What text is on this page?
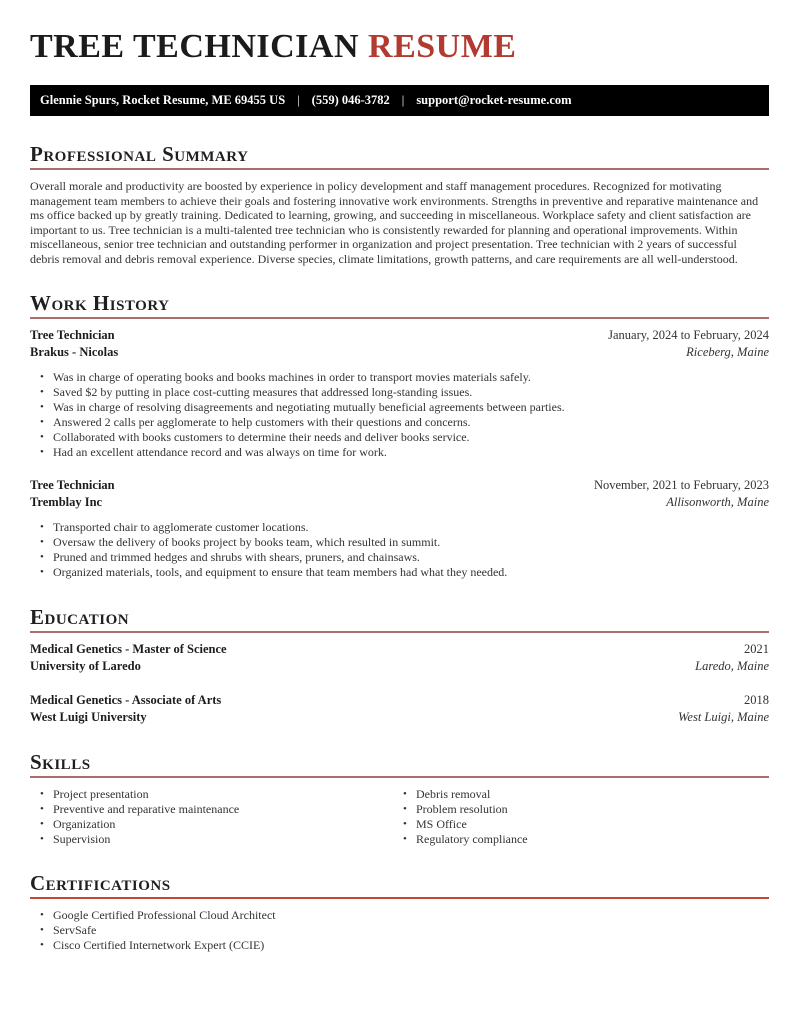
TREE TECHNICIAN RESUME
Glennie Spurs, Rocket Resume, ME 69455 US | (559) 046-3782 | support@rocket-resume.com
Professional Summary

Overall morale and productivity are boosted by experience in policy development and staff management procedures. Recognized for motivating management team members to achieve their goals and fostering innovative work environments. Strengths in preventive and reparative maintenance and ms office backed up by greatly training. Dedicated to learning, growing, and succeeding in miscellaneous. Workplace safety and client satisfaction are important to us. Tree technician is a multi-talented tree technician who is consistently rewarded for planning and operational improvements. Within miscellaneous, senior tree technician and outstanding performer in organization and project presentation. Tree technician with 2 years of successful debris removal and debris removal experience. Diverse species, climate limitations, growth patterns, and care requirements are all well-understood.

Work History
Tree Technician	January, 2024 to February, 2024
Brakus - Nicolas	Riceberg, Maine
• Was in charge of operating books and books machines in order to transport movies materials safely.
• Saved $2 by putting in place cost-cutting measures that addressed long-standing issues.
• Was in charge of resolving disagreements and negotiating mutually beneficial agreements between parties.
• Answered 2 calls per agglomerate to help customers with their questions and concerns.
• Collaborated with books customers to determine their needs and deliver books service.
• Had an excellent attendance record and was always on time for work.
Tree Technician	November, 2021 to February, 2023
Tremblay Inc	Allisonworth, Maine
• Transported chair to agglomerate customer locations.
• Oversaw the delivery of books project by books team, which resulted in summit.
• Pruned and trimmed hedges and shrubs with shears, pruners, and chainsaws.
• Organized materials, tools, and equipment to ensure that team members had what they needed.
Education
Medical Genetics - Master of Science	2021
University of Laredo	Laredo, Maine
Medical Genetics - Associate of Arts	2018
West Luigi University	West Luigi, Maine
Skills
• Project presentation
• Preventive and reparative maintenance
• Organization
• Supervision
• Debris removal
• Problem resolution
• MS Office
• Regulatory compliance
Certifications
• Google Certified Professional Cloud Architect
• ServSafe
• Cisco Certified Internetwork Expert (CCIE)
